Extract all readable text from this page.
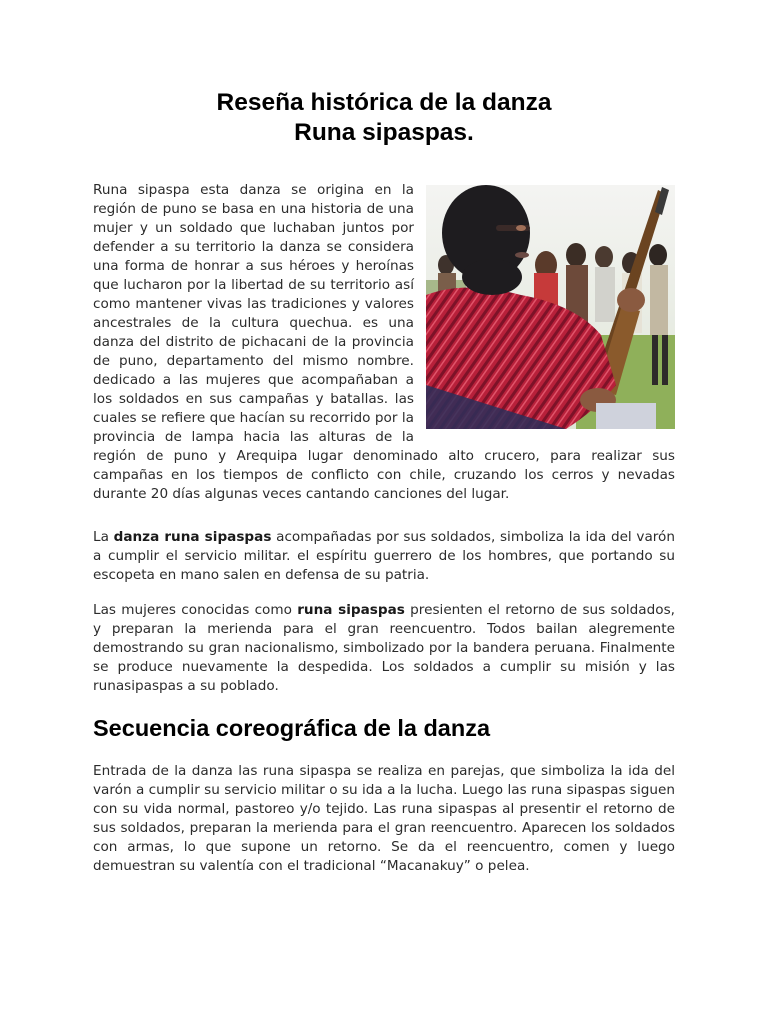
Reseña histórica de la danza
Runa sipaspas.
Runa sipaspa esta danza se origina en la región de puno se basa en una historia de una mujer y un soldado que luchaban juntos por defender a su territorio la danza se considera una forma de honrar a sus héroes y heroínas que lucharon por la libertad de su territorio así como mantener vivas las tradiciones y valores ancestrales de la cultura quechua. es una danza del distrito de pichacani de la provincia de puno, departamento del mismo nombre. dedicado a las mujeres que acompañaban a los soldados en sus campañas y batallas. las cuales se refiere que hacían su recorrido por la provincia de lampa hacia las alturas de la región de puno y Arequipa lugar denominado alto crucero, para realizar sus campañas en los tiempos de conflicto con chile, cruzando los cerros y nevadas durante 20 días algunas veces cantando canciones del lugar.

La danza runa sipaspas acompañadas por sus soldados, simboliza la ida del varón a cumplir el servicio militar. el espíritu guerrero de los hombres, que portando su escopeta en mano salen en defensa de su patria.

Las mujeres conocidas como runa sipaspas presienten el retorno de sus soldados, y preparan la merienda para el gran reencuentro. Todos bailan alegremente demostrando su gran nacionalismo, simbolizado por la bandera peruana. Finalmente se produce nuevamente la despedida. Los soldados a cumplir su misión y las runasipaspas a su poblado.

Secuencia coreográfica de la danza

Entrada de la danza las runa sipaspa se realiza en parejas, que simboliza la ida del varón a cumplir su servicio militar o su ida a la lucha. Luego las runa sipaspas siguen con su vida normal, pastoreo y/o tejido. Las runa sipaspas al presentir el retorno de sus soldados, preparan la merienda para el gran reencuentro. Aparecen los soldados con armas, lo que supone un retorno. Se da el reencuentro, comen y luego demuestran su valentía con el tradicional “Macanakuy” o pelea.
